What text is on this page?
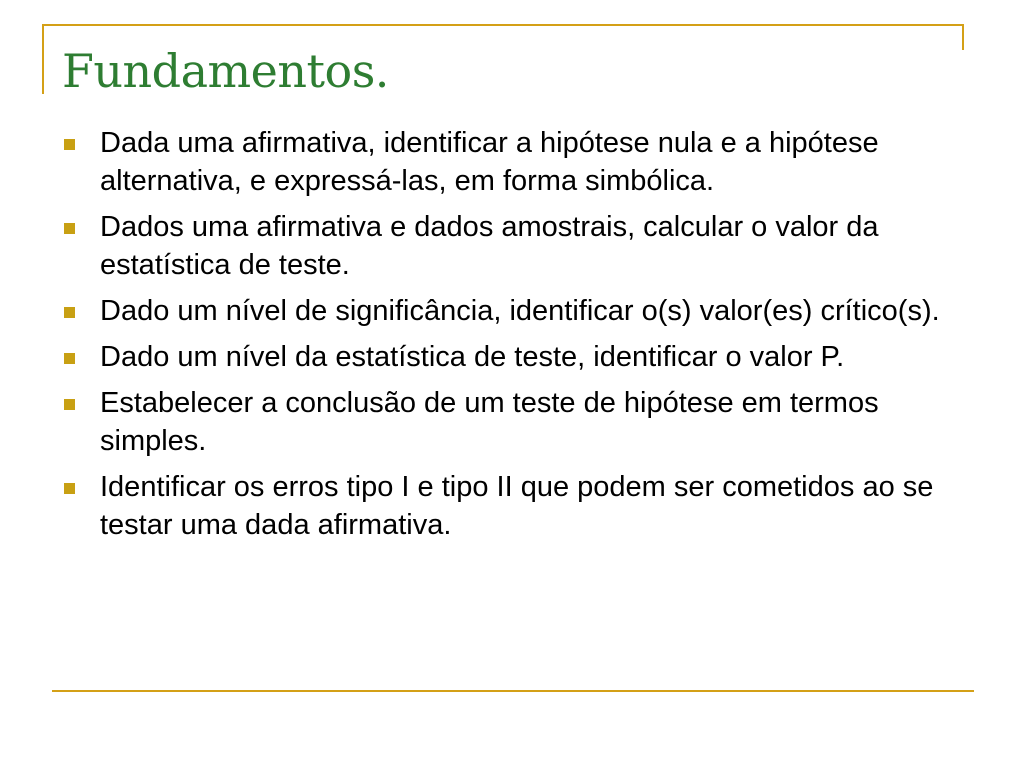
Fundamentos.
Dada uma afirmativa, identificar a hipótese nula e a hipótese alternativa, e expressá-las, em forma simbólica.
Dados uma afirmativa e dados amostrais, calcular o valor da estatística de teste.
Dado um nível de significância, identificar o(s) valor(es) crítico(s).
Dado um nível da estatística de teste, identificar o valor P.
Estabelecer a conclusão de um teste de hipótese em termos simples.
Identificar os erros tipo I e tipo II que podem ser cometidos ao se testar uma dada afirmativa.
